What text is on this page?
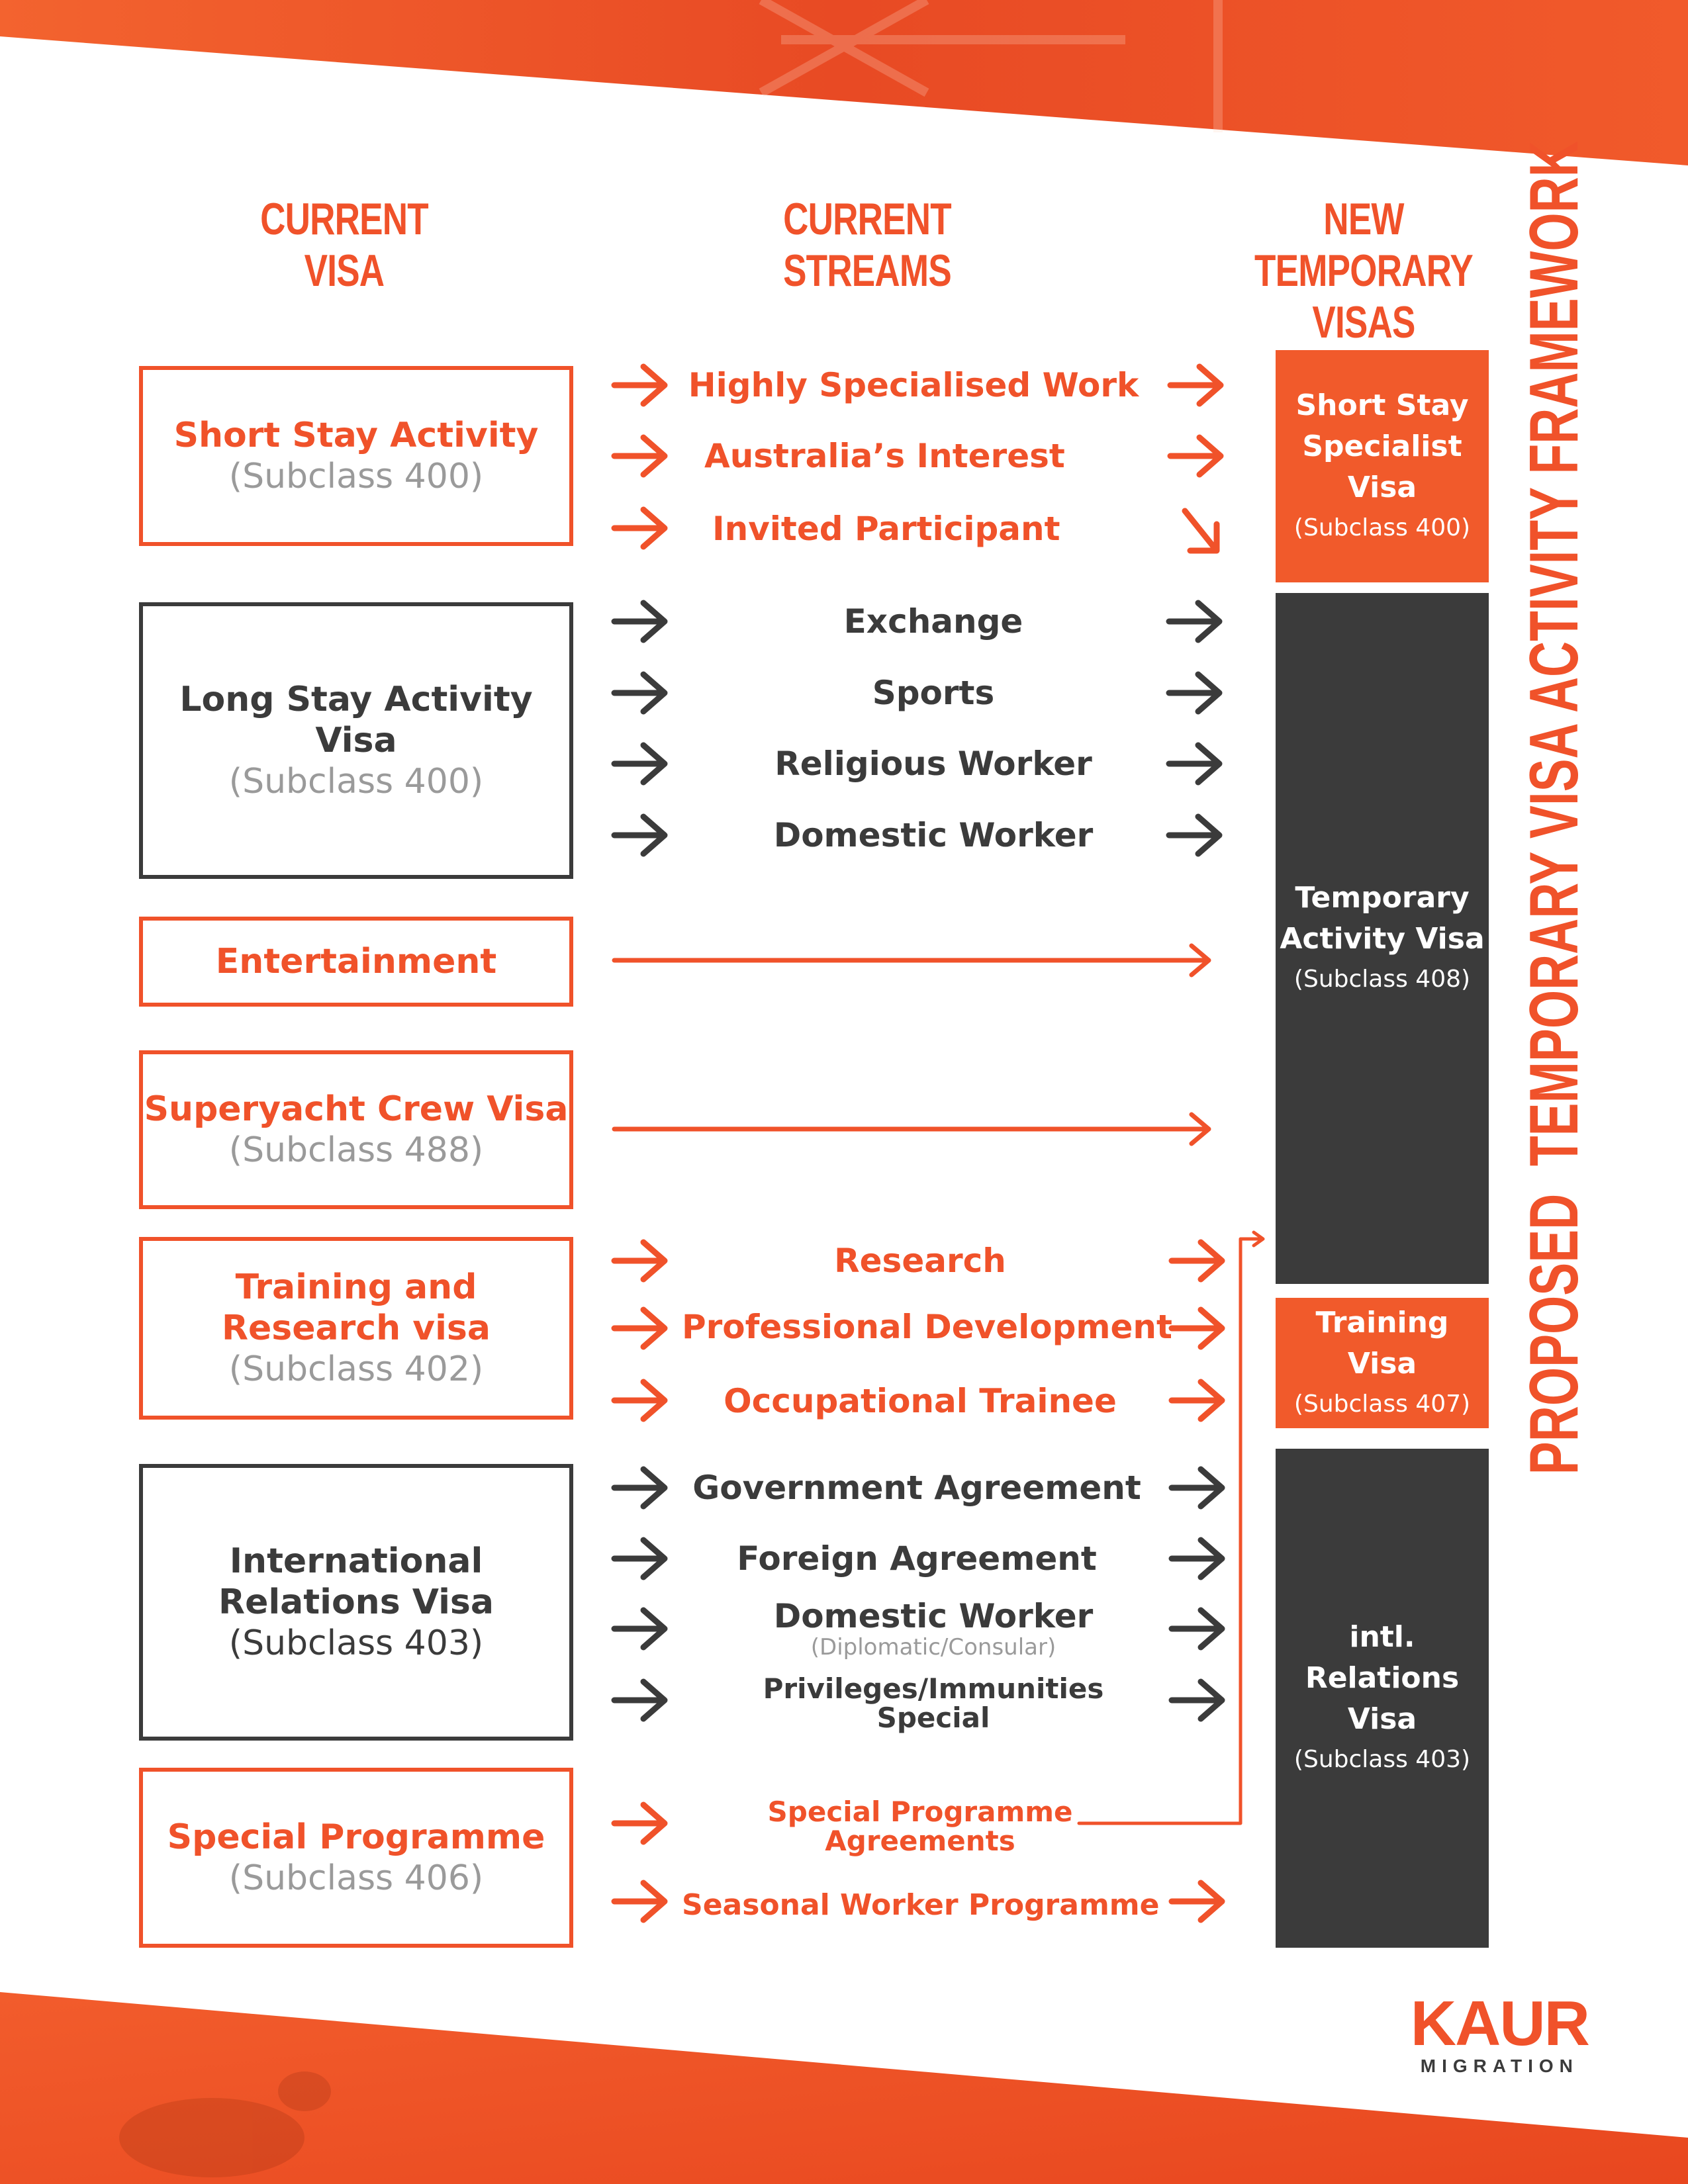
CURRENT
VISA
CURRENT
STREAMS
NEW TEMPORARY
VISAS
Short Stay Activity
(Subclass 400)
Long Stay Activity Visa
(Subclass 400)
Entertainment
Superyacht Crew Visa
(Subclass 488)
Training and Research visa
(Subclass 402)
International Relations Visa
(Subclass 403)
Special Programme
(Subclass 406)
Highly Specialised Work
Australia’s Interest
Invited Participant
Exchange
Sports
Religious Worker
Domestic Worker
Research
Professional Development
Occupational Trainee
Government Agreement
Foreign Agreement
Domestic Worker
(Diplomatic/Consular)
Privileges/Immunities
Special
Special Programme
Agreements
Seasonal Worker Programme
Short Stay
Specialist
Visa
(Subclass 400)
Temporary
Activity Visa
(Subclass 408)
Training
Visa
(Subclass 407)
intl.
Relations
Visa
(Subclass 403)
PROPOSED  TEMPORARY VISA ACTIVITY FRAMEWORK
KAUR
MIGRATION
